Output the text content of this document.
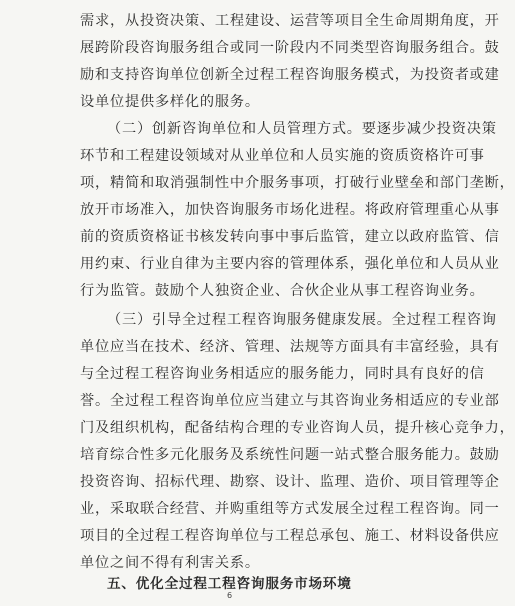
需求，从投资决策、工程建设、运营等项目全生命周期角度，开
展跨阶段咨询服务组合或同一阶段内不同类型咨询服务组合。鼓
励和支持咨询单位创新全过程工程咨询服务模式，为投资者或建
设单位提供多样化的服务。
（二）创新咨询单位和人员管理方式。要逐步减少投资决策
环节和工程建设领域对从业单位和人员实施的资质资格许可事
项，精简和取消强制性中介服务事项，打破行业壁垒和部门垄断，
放开市场准入，加快咨询服务市场化进程。将政府管理重心从事
前的资质资格证书核发转向事中事后监管，建立以政府监管、信
用约束、行业自律为主要内容的管理体系，强化单位和人员从业
行为监管。鼓励个人独资企业、合伙企业从事工程咨询业务。
（三）引导全过程工程咨询服务健康发展。全过程工程咨询
单位应当在技术、经济、管理、法规等方面具有丰富经验，具有
与全过程工程咨询业务相适应的服务能力，同时具有良好的信
誉。全过程工程咨询单位应当建立与其咨询业务相适应的专业部
门及组织机构，配备结构合理的专业咨询人员，提升核心竞争力，
培育综合性多元化服务及系统性问题一站式整合服务能力。鼓励
投资咨询、招标代理、勘察、设计、监理、造价、项目管理等企
业，采取联合经营、并购重组等方式发展全过程工程咨询。同一
项目的全过程工程咨询单位与工程总承包、施工、材料设备供应
单位之间不得有利害关系。
五、优化全过程工程咨询服务市场环境
6
